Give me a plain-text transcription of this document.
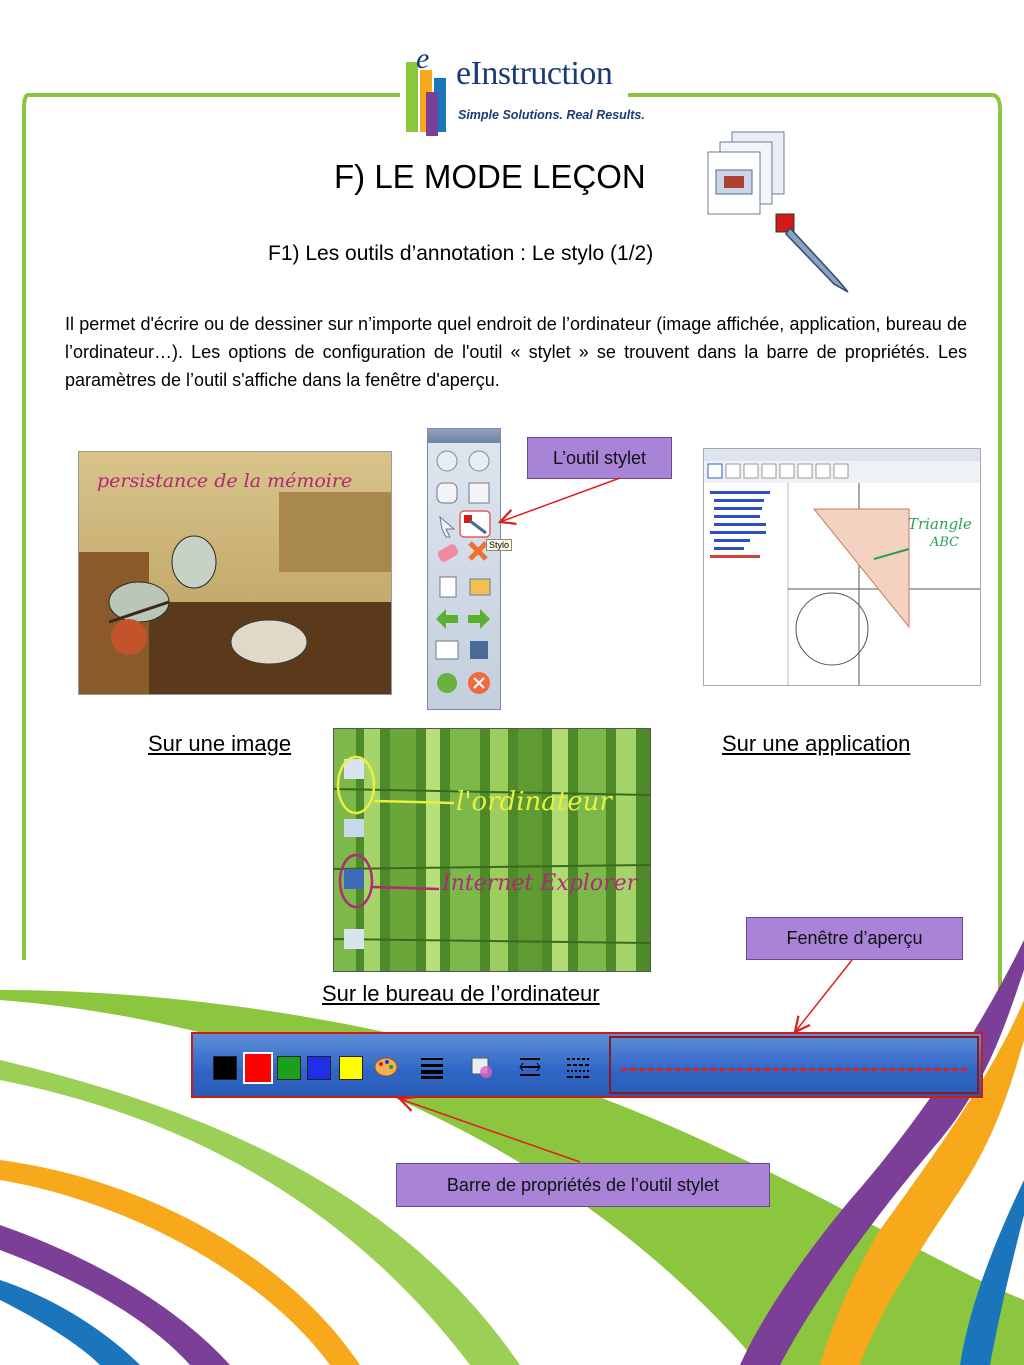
e eInstruction
Simple Solutions. Real Results.
F) LE MODE LEÇON
F1) Les outils d’annotation : Le stylo (1/2)
Il permet d'écrire ou de dessiner sur n’importe quel endroit de l’ordinateur (image affichée, application, bureau de l’ordinateur…). Les options de configuration de l'outil « stylet » se trouvent dans la barre de propriétés. Les paramètres de l’outil s'affiche dans la fenêtre d'aperçu.
persistance de la mémoire
Stylo
Triangle
ABC
l'ordinateur
Internet Explorer
Sur une image	Sur une application
Sur le bureau de l’ordinateur
L’outil stylet
Fenêtre d’aperçu
Barre de propriétés de l’outil stylet
